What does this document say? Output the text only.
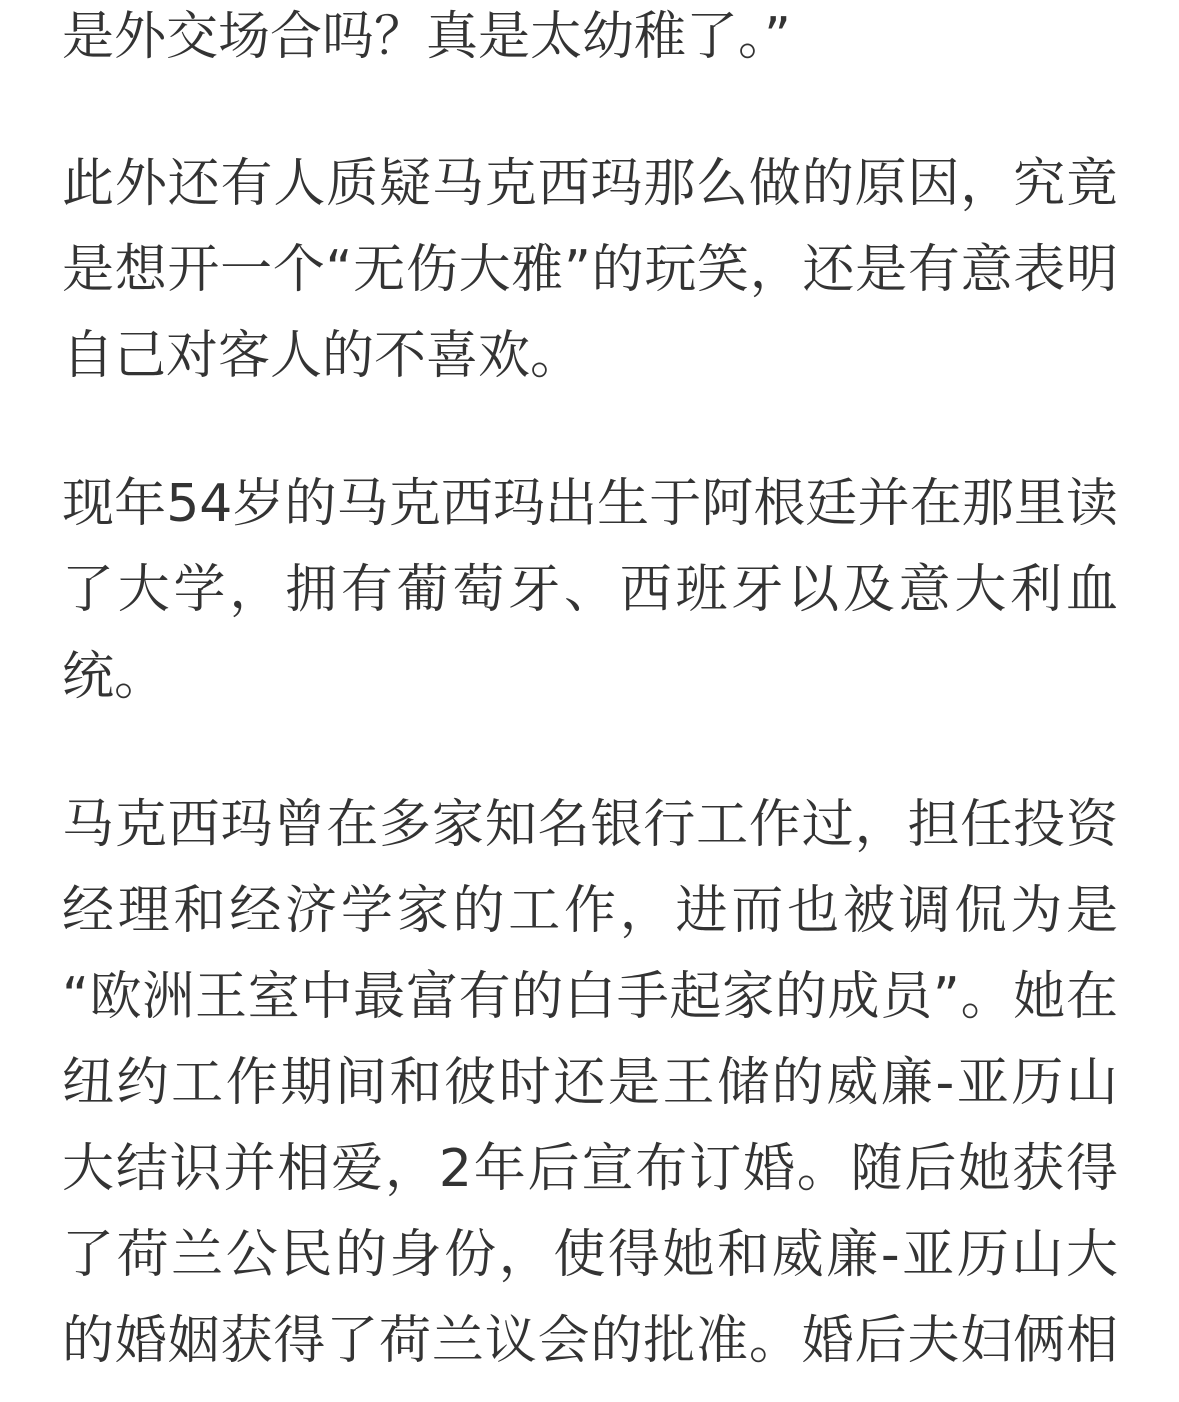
是外交场合吗？真是太幼稚了。”
此外还有人质疑马克西玛那么做的原因，究竟
是想开一个“无伤大雅”的玩笑，还是有意表明
自己对客人的不喜欢。
现年54岁的马克西玛出生于阿根廷并在那里读
了大学，拥有葡萄牙、西班牙以及意大利血
统。
马克西玛曾在多家知名银行工作过，担任投资
经理和经济学家的工作，进而也被调侃为是
“欧洲王室中最富有的白手起家的成员”。她在
纽约工作期间和彼时还是王储的威廉-亚历山
大结识并相爱，2年后宣布订婚。随后她获得
了荷兰公民的身份，使得她和威廉-亚历山大
的婚姻获得了荷兰议会的批准。婚后夫妇俩相
